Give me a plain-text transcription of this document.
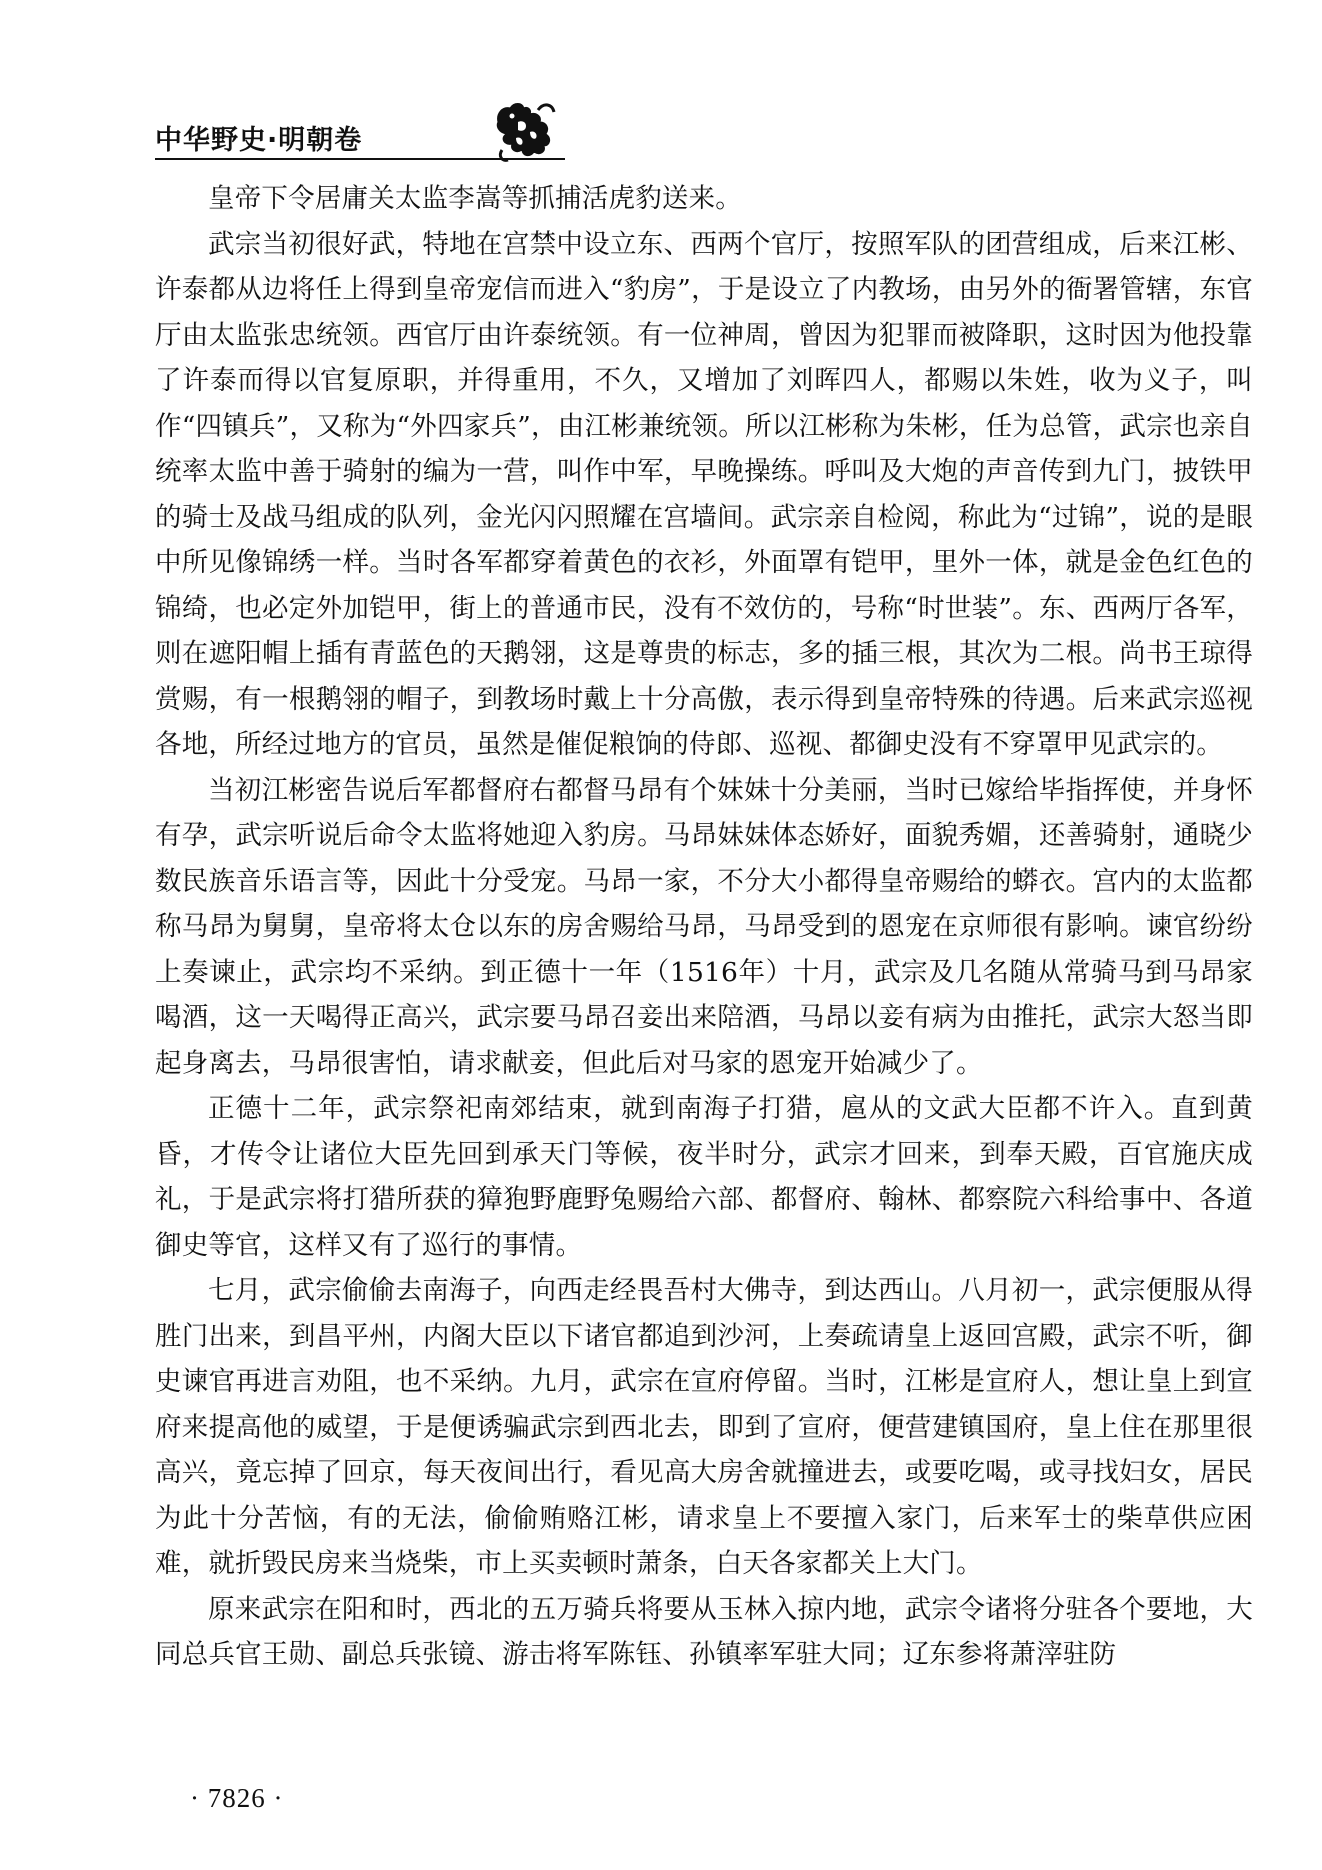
中华野史·明朝卷

皇帝下令居庸关太监李嵩等抓捕活虎豹送来。

武宗当初很好武，特地在宫禁中设立东、西两个官厅，按照军队的团营组成，后来江彬、许泰都从边将任上得到皇帝宠信而进入“豹房”，于是设立了内教场，由另外的衙署管辖，东官厅由太监张忠统领。西官厅由许泰统领。有一位神周，曾因为犯罪而被降职，这时因为他投靠了许泰而得以官复原职，并得重用，不久，又增加了刘晖四人，都赐以朱姓，收为义子，叫作“四镇兵”，又称为“外四家兵”，由江彬兼统领。所以江彬称为朱彬，任为总管，武宗也亲自统率太监中善于骑射的编为一营，叫作中军，早晚操练。呼叫及大炮的声音传到九门，披铁甲的骑士及战马组成的队列，金光闪闪照耀在宫墙间。武宗亲自检阅，称此为“过锦”，说的是眼中所见像锦绣一样。当时各军都穿着黄色的衣衫，外面罩有铠甲，里外一体，就是金色红色的锦绮，也必定外加铠甲，街上的普通市民，没有不效仿的，号称“时世装”。东、西两厅各军，则在遮阳帽上插有青蓝色的天鹅翎，这是尊贵的标志，多的插三根，其次为二根。尚书王琼得赏赐，有一根鹅翎的帽子，到教场时戴上十分高傲，表示得到皇帝特殊的待遇。后来武宗巡视各地，所经过地方的官员，虽然是催促粮饷的侍郎、巡视、都御史没有不穿罩甲见武宗的。

当初江彬密告说后军都督府右都督马昂有个妹妹十分美丽，当时已嫁给毕指挥使，并身怀有孕，武宗听说后命令太监将她迎入豹房。马昂妹妹体态娇好，面貌秀媚，还善骑射，通晓少数民族音乐语言等，因此十分受宠。马昂一家，不分大小都得皇帝赐给的蟒衣。宫内的太监都称马昂为舅舅，皇帝将太仓以东的房舍赐给马昂，马昂受到的恩宠在京师很有影响。谏官纷纷上奏谏止，武宗均不采纳。到正德十一年（1516年）十月，武宗及几名随从常骑马到马昂家喝酒，这一天喝得正高兴，武宗要马昂召妾出来陪酒，马昂以妾有病为由推托，武宗大怒当即起身离去，马昂很害怕，请求献妾，但此后对马家的恩宠开始减少了。

正德十二年，武宗祭祀南郊结束，就到南海子打猎，扈从的文武大臣都不许入。直到黄昏，才传令让诸位大臣先回到承天门等候，夜半时分，武宗才回来，到奉天殿，百官施庆成礼，于是武宗将打猎所获的獐狍野鹿野兔赐给六部、都督府、翰林、都察院六科给事中、各道御史等官，这样又有了巡行的事情。

七月，武宗偷偷去南海子，向西走经畏吾村大佛寺，到达西山。八月初一，武宗便服从得胜门出来，到昌平州，内阁大臣以下诸官都追到沙河，上奏疏请皇上返回宫殿，武宗不听，御史谏官再进言劝阻，也不采纳。九月，武宗在宣府停留。当时，江彬是宣府人，想让皇上到宣府来提高他的威望，于是便诱骗武宗到西北去，即到了宣府，便营建镇国府，皇上住在那里很高兴，竟忘掉了回京，每天夜间出行，看见高大房舍就撞进去，或要吃喝，或寻找妇女，居民为此十分苦恼，有的无法，偷偷贿赂江彬，请求皇上不要擅入家门，后来军士的柴草供应困难，就折毁民房来当烧柴，市上买卖顿时萧条，白天各家都关上大门。

原来武宗在阳和时，西北的五万骑兵将要从玉林入掠内地，武宗令诸将分驻各个要地，大同总兵官王勋、副总兵张镜、游击将军陈钰、孙镇率军驻大同；辽东参将萧滓驻防

· 7826 ·
